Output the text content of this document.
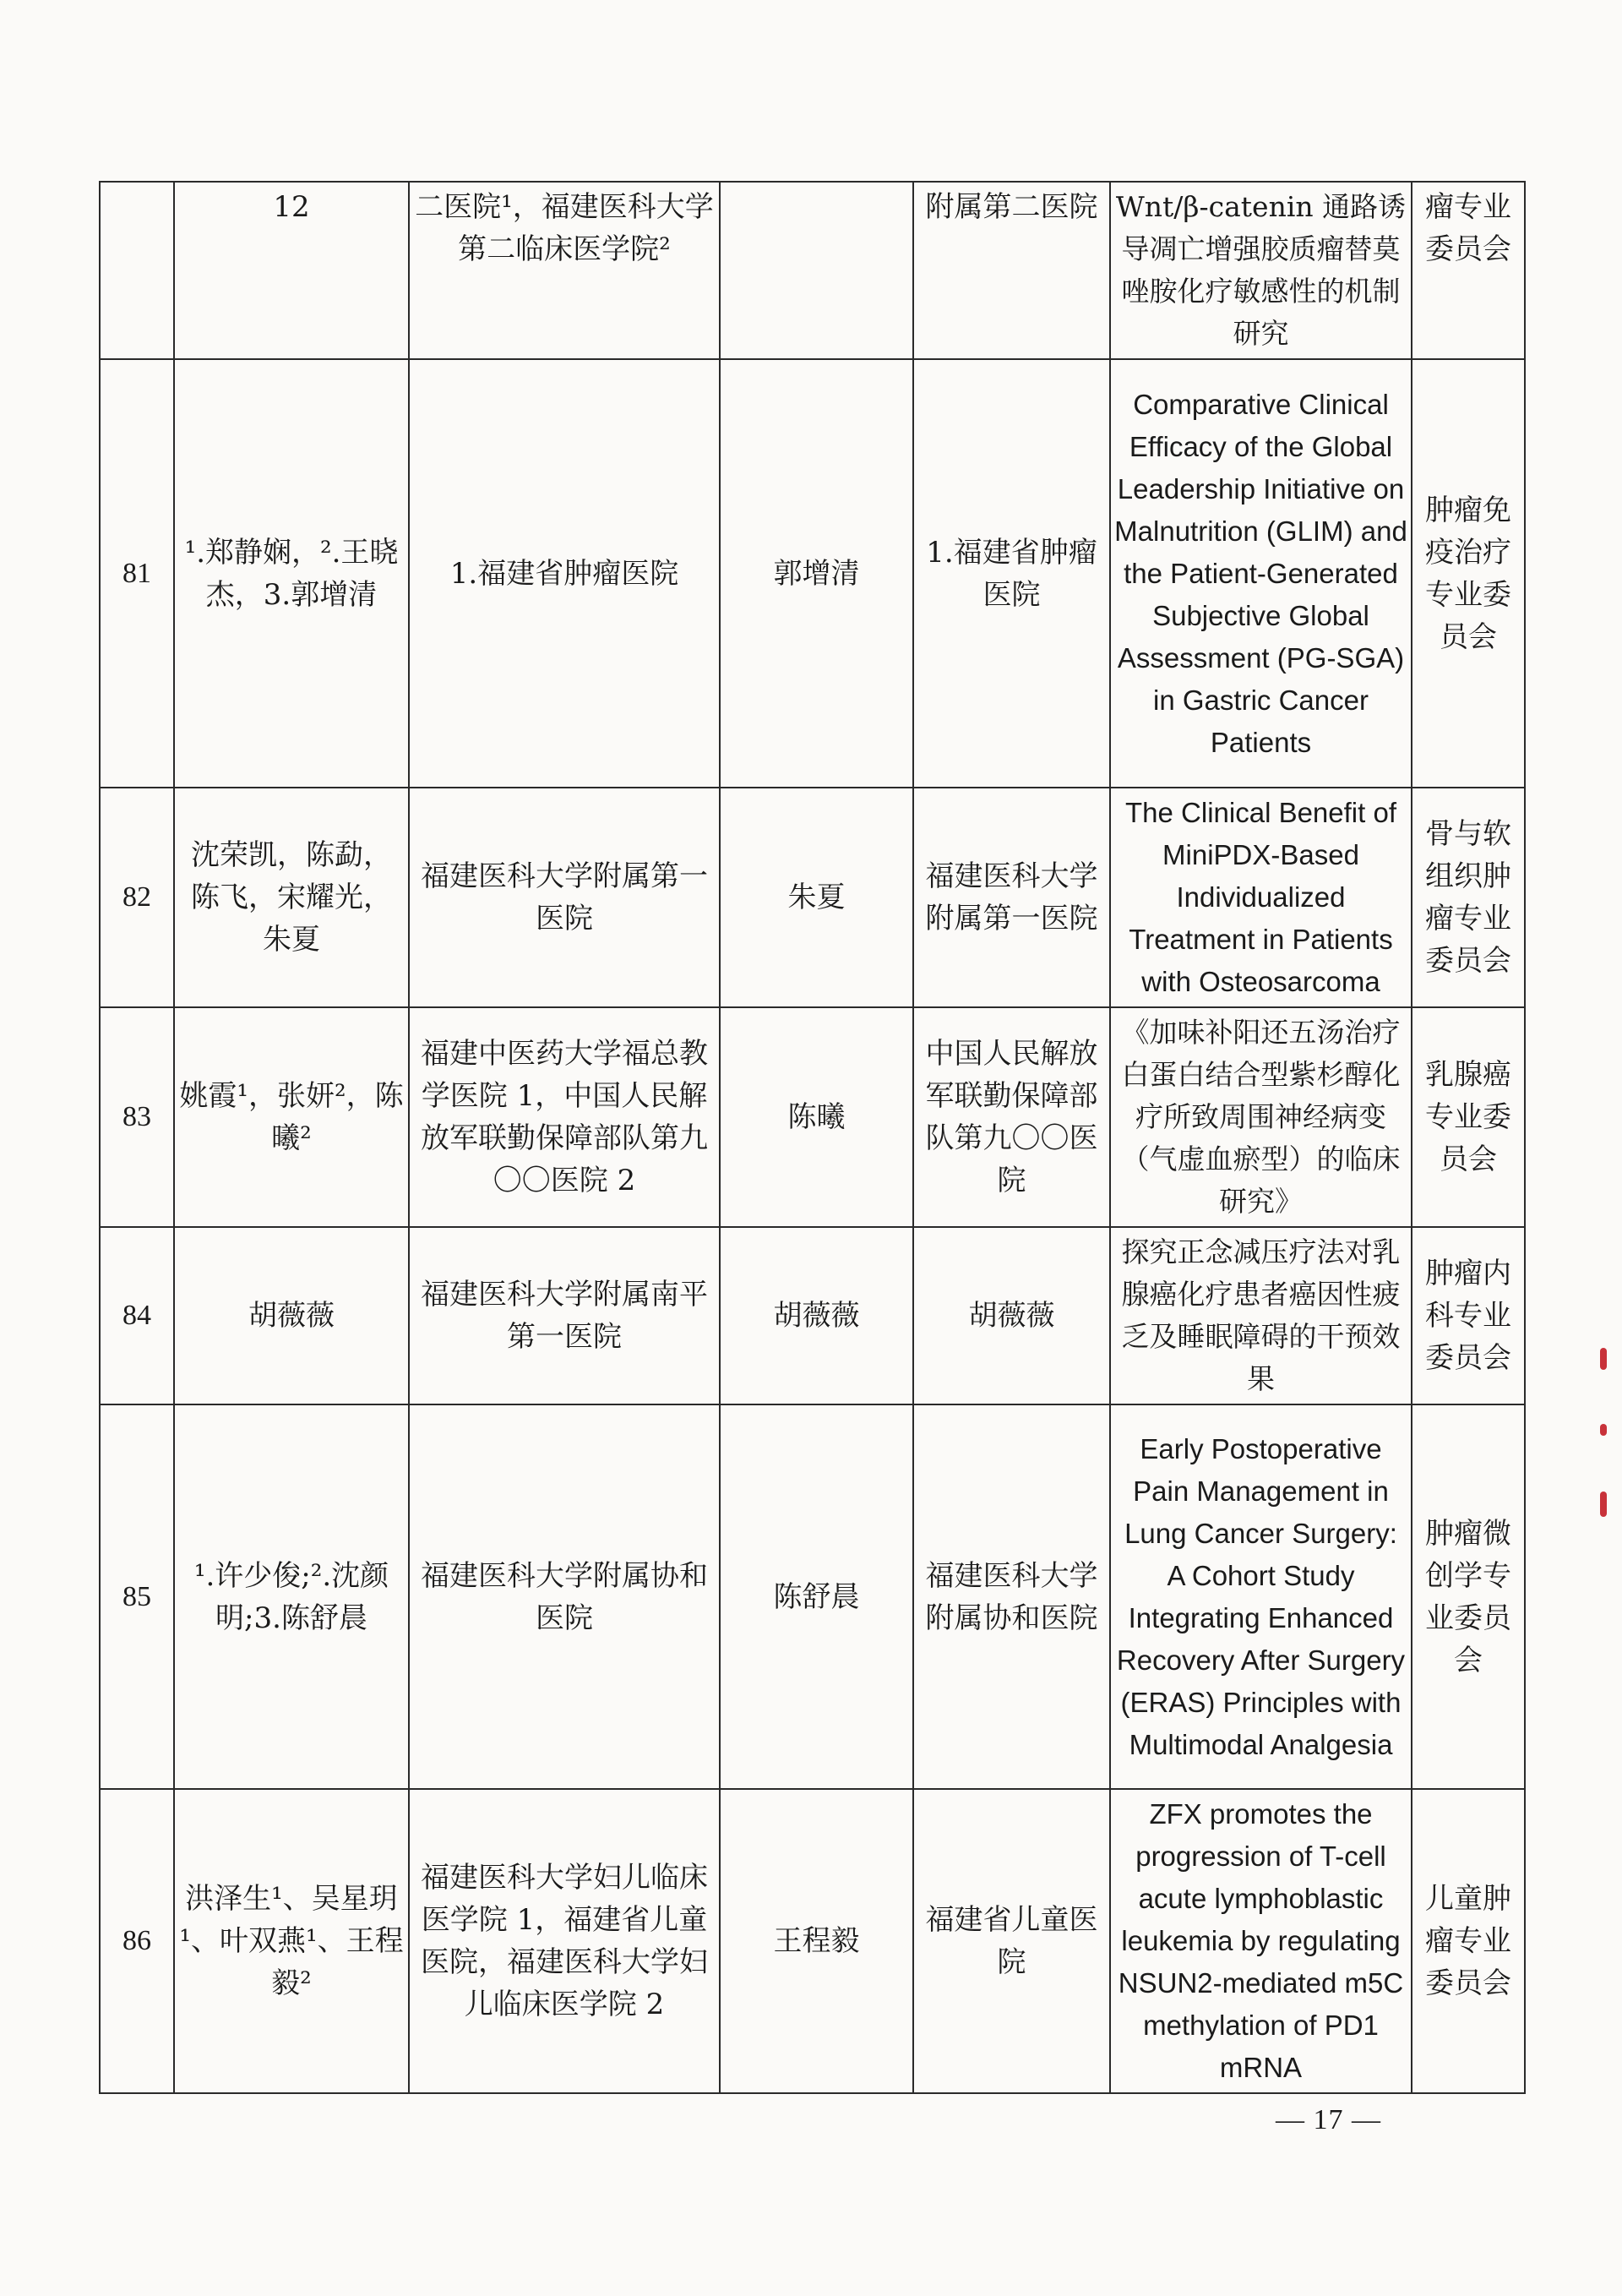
	12	二医院¹，福建医科大学第二临床医学院²		附属第二医院	Wnt/β-catenin 通路诱导凋亡增强胶质瘤替莫唑胺化疗敏感性的机制研究	瘤专业委员会
81	¹.郑静娴，².王晓杰，3.郭增清	1.福建省肿瘤医院	郭增清	1.福建省肿瘤医院	Comparative Clinical Efficacy of the Global Leadership Initiative on Malnutrition (GLIM) and the Patient-Generated Subjective Global Assessment (PG-SGA) in Gastric Cancer Patients	肿瘤免疫治疗专业委员会
82	沈荣凯，陈勐，陈飞，宋耀光，朱夏	福建医科大学附属第一医院	朱夏	福建医科大学附属第一医院	The Clinical Benefit of MiniPDX-Based Individualized Treatment in Patients with Osteosarcoma	骨与软组织肿瘤专业委员会
83	姚霞¹，张妍²，陈曦²	福建中医药大学福总教学医院 1，中国人民解放军联勤保障部队第九〇〇医院 2	陈曦	中国人民解放军联勤保障部队第九〇〇医院	《加味补阳还五汤治疗白蛋白结合型紫杉醇化疗所致周围神经病变（气虚血瘀型）的临床研究》	乳腺癌专业委员会
84	胡薇薇	福建医科大学附属南平第一医院	胡薇薇	胡薇薇	探究正念减压疗法对乳腺癌化疗患者癌因性疲乏及睡眠障碍的干预效果	肿瘤内科专业委员会
85	¹.许少俊;².沈颜明;3.陈舒晨	福建医科大学附属协和医院	陈舒晨	福建医科大学附属协和医院	Early Postoperative Pain Management in Lung Cancer Surgery: A Cohort Study Integrating Enhanced Recovery After Surgery (ERAS) Principles with Multimodal Analgesia	肿瘤微创学专业委员会
86	洪泽生¹、吴星玥¹、叶双燕¹、王程毅²	福建医科大学妇儿临床医学院 1，福建省儿童医院，福建医科大学妇儿临床医学院 2	王程毅	福建省儿童医院	ZFX promotes the progression of T-cell acute lymphoblastic leukemia by regulating NSUN2-mediated m5C methylation of PD1 mRNA	儿童肿瘤专业委员会
— 17 —
